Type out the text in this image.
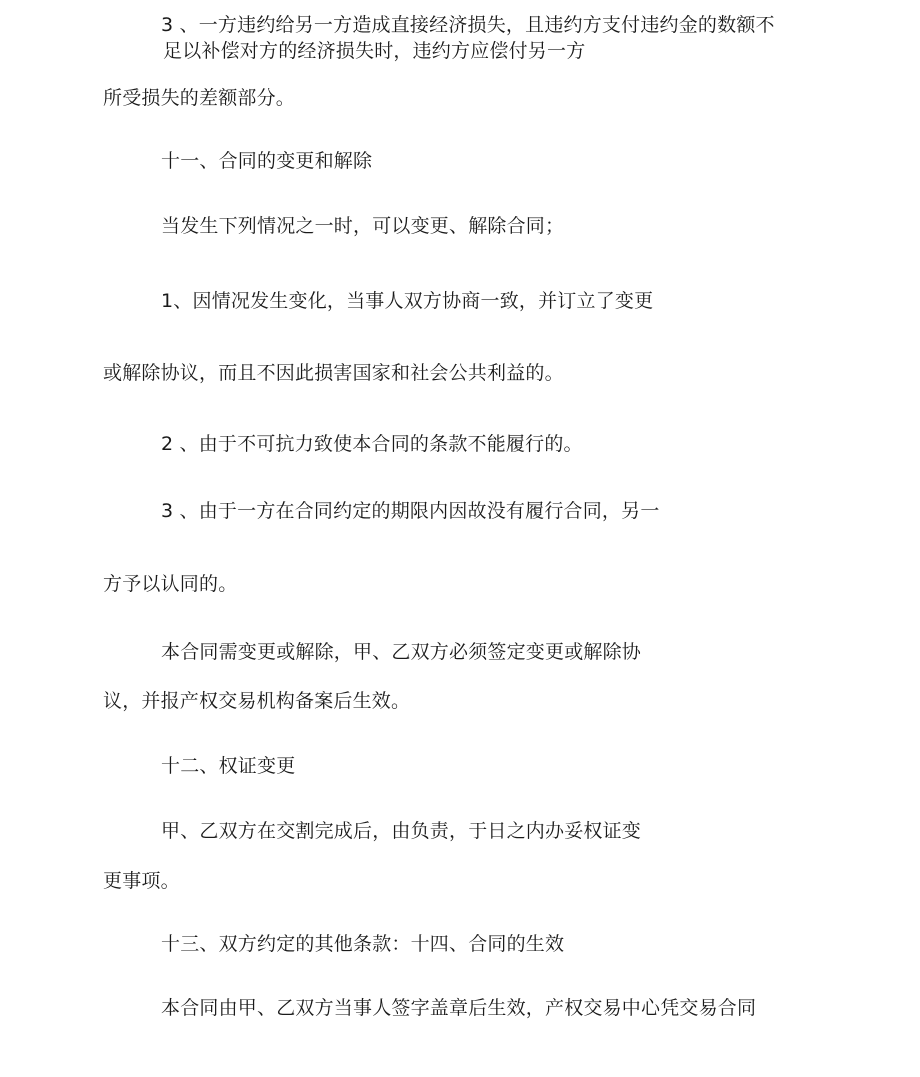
3 、一方违约给另一方造成直接经济损失，且违约方支付违约金的数额不
足以补偿对方的经济损失时，违约方应偿付另一方
所受损失的差额部分。
十一、合同的变更和解除
当发生下列情况之一时，可以变更、解除合同；
1、因情况发生变化，当事人双方协商一致，并订立了变更
或解除协议，而且不因此损害国家和社会公共利益的。
2 、由于不可抗力致使本合同的条款不能履行的。
3 、由于一方在合同约定的期限内因故没有履行合同，另一
方予以认同的。
本合同需变更或解除，甲、乙双方必须签定变更或解除协
议，并报产权交易机构备案后生效。
十二、权证变更
甲、乙双方在交割完成后，由负责，于日之内办妥权证变
更事项。
十三、双方约定的其他条款：十四、合同的生效
本合同由甲、乙双方当事人签字盖章后生效，产权交易中心凭交易合同
